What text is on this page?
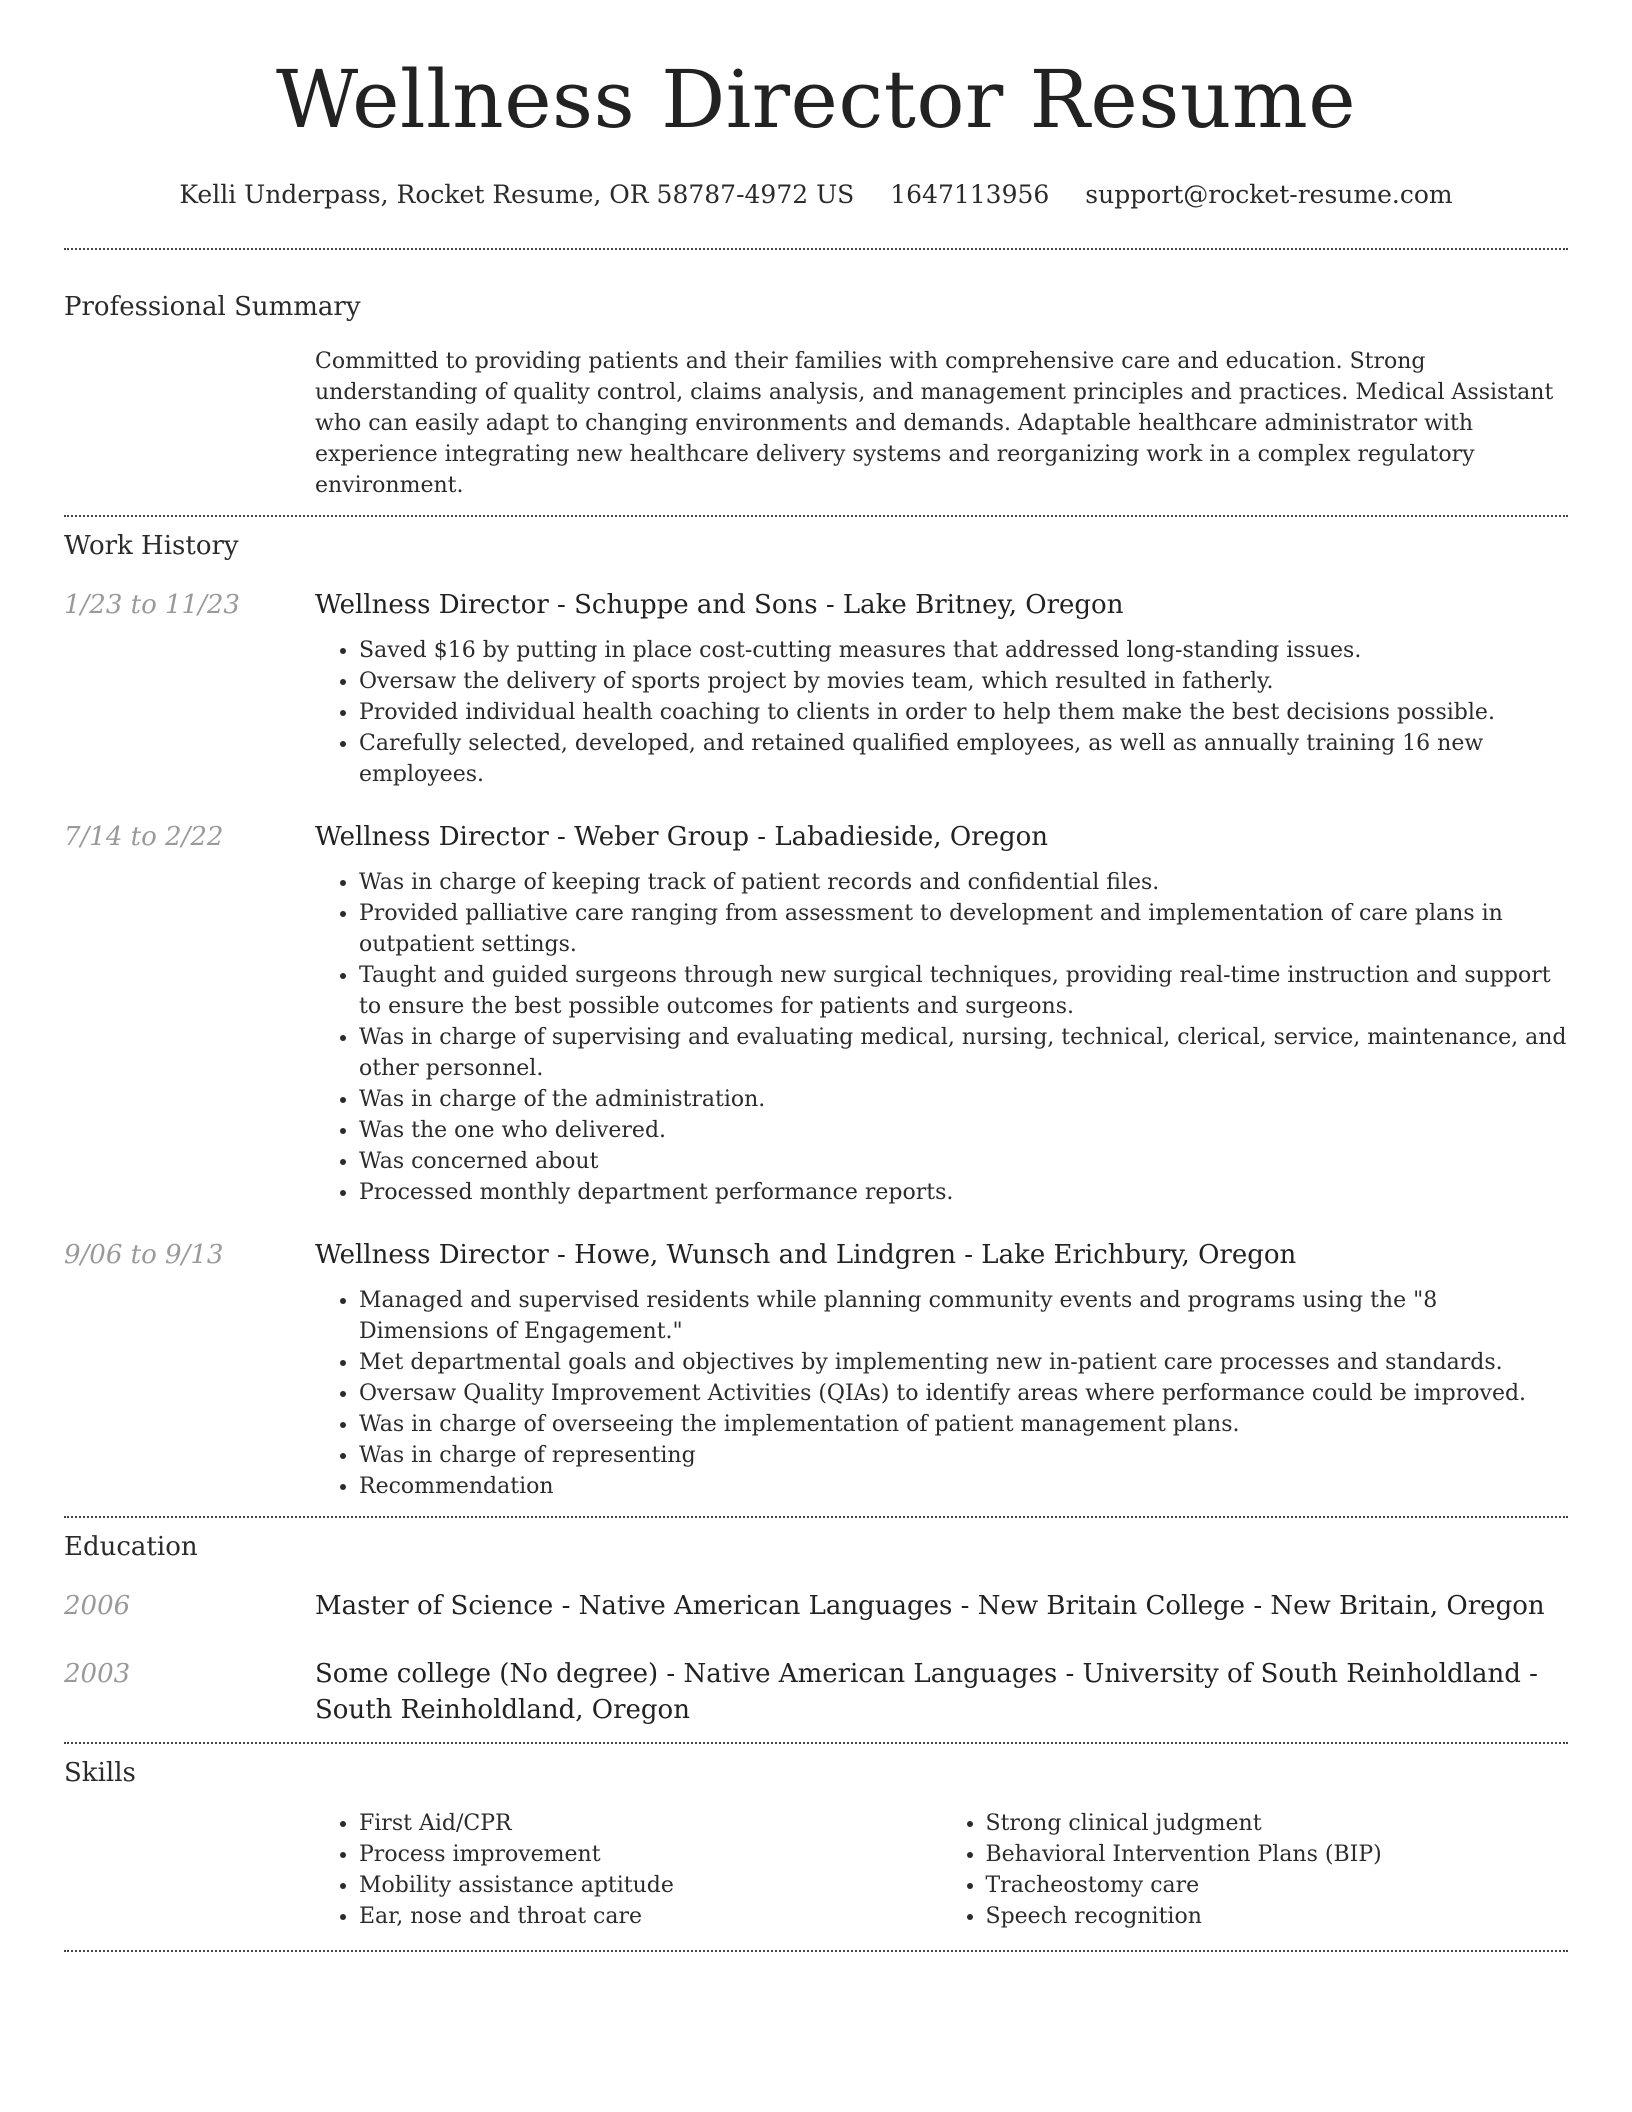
Wellness Director Resume
Kelli Underpass, Rocket Resume, OR 58787-4972 US 1647113956 support@rocket-resume.com
Professional Summary
Committed to providing patients and their families with comprehensive care and education. Strong understanding of quality control, claims analysis, and management principles and practices. Medical Assistant who can easily adapt to changing environments and demands. Adaptable healthcare administrator with experience integrating new healthcare delivery systems and reorganizing work in a complex regulatory environment.
Work History
1/23 to 11/23	Wellness Director - Schuppe and Sons - Lake Britney, Oregon
• Saved $16 by putting in place cost-cutting measures that addressed long-standing issues.
• Oversaw the delivery of sports project by movies team, which resulted in fatherly.
• Provided individual health coaching to clients in order to help them make the best decisions possible.
• Carefully selected, developed, and retained qualified employees, as well as annually training 16 new employees.
7/14 to 2/22	Wellness Director - Weber Group - Labadieside, Oregon
• Was in charge of keeping track of patient records and confidential files.
• Provided palliative care ranging from assessment to development and implementation of care plans in outpatient settings.
• Taught and guided surgeons through new surgical techniques, providing real-time instruction and support to ensure the best possible outcomes for patients and surgeons.
• Was in charge of supervising and evaluating medical, nursing, technical, clerical, service, maintenance, and other personnel.
• Was in charge of the administration.
• Was the one who delivered.
• Was concerned about
• Processed monthly department performance reports.
9/06 to 9/13	Wellness Director - Howe, Wunsch and Lindgren - Lake Erichbury, Oregon
• Managed and supervised residents while planning community events and programs using the "8 Dimensions of Engagement."
• Met departmental goals and objectives by implementing new in-patient care processes and standards.
• Oversaw Quality Improvement Activities (QIAs) to identify areas where performance could be improved.
• Was in charge of overseeing the implementation of patient management plans.
• Was in charge of representing
• Recommendation
Education
2006	Master of Science - Native American Languages - New Britain College - New Britain, Oregon
2003	Some college (No degree) - Native American Languages - University of South Reinholdland - South Reinholdland, Oregon
Skills
• First Aid/CPR
• Process improvement
• Mobility assistance aptitude
• Ear, nose and throat care
• Strong clinical judgment
• Behavioral Intervention Plans (BIP)
• Tracheostomy care
• Speech recognition
